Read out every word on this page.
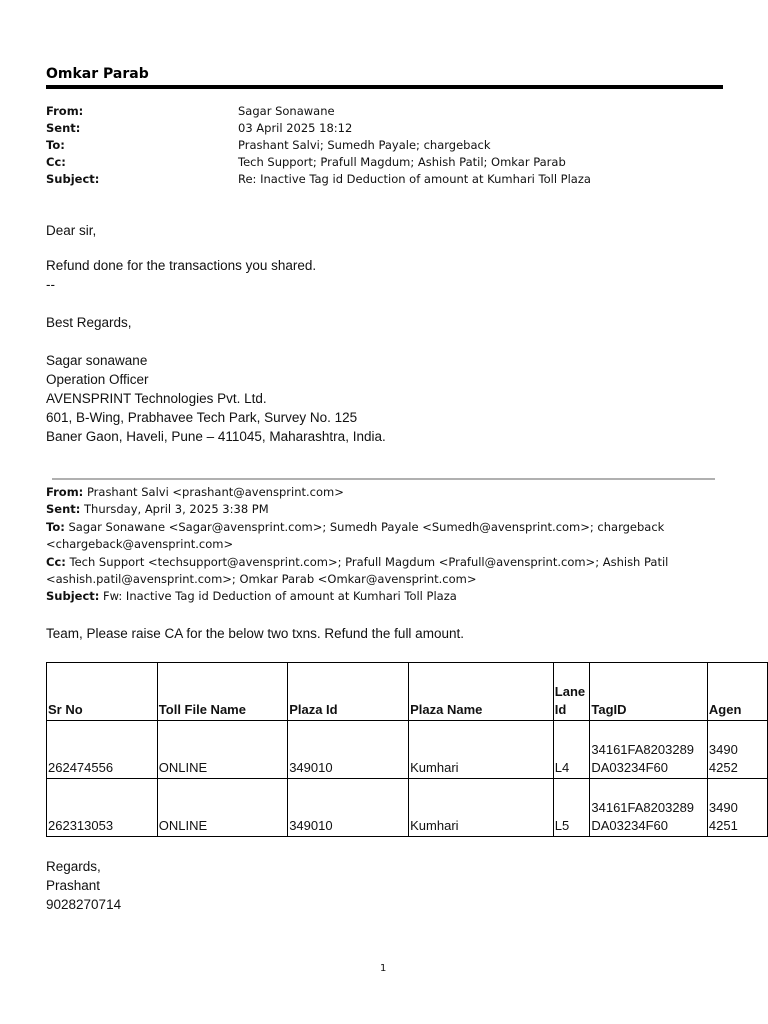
Omkar Parab
From:	Sagar Sonawane
Sent:	03 April 2025 18:12
To:	Prashant Salvi; Sumedh Payale; chargeback
Cc:	Tech Support; Prafull Magdum; Ashish Patil; Omkar Parab
Subject:	Re: Inactive Tag id Deduction of amount at Kumhari Toll Plaza
Dear sir,
Refund done for the transactions you shared.
--
Best Regards,
Sagar sonawane
Operation Officer
AVENSPRINT Technologies Pvt. Ltd.
601, B-Wing, Prabhavee Tech Park, Survey No. 125
Baner Gaon, Haveli, Pune – 411045, Maharashtra, India.
From: Prashant Salvi <prashant@avensprint.com>
Sent: Thursday, April 3, 2025 3:38 PM
To: Sagar Sonawane <Sagar@avensprint.com>; Sumedh Payale <Sumedh@avensprint.com>; chargeback
<chargeback@avensprint.com>
Cc: Tech Support <techsupport@avensprint.com>; Prafull Magdum <Prafull@avensprint.com>; Ashish Patil
<ashish.patil@avensprint.com>; Omkar Parab <Omkar@avensprint.com>
Subject: Fw: Inactive Tag id Deduction of amount at Kumhari Toll Plaza
Team, Please raise CA for the below two txns. Refund the full amount.
Sr No	Toll File Name	Plaza Id	Plaza Name	Lane Id	TagID	Agen
262474556	ONLINE	349010	Kumhari	L4	34161FA8203289 DA03234F60	3490 4252
262313053	ONLINE	349010	Kumhari	L5	34161FA8203289 DA03234F60	3490 4251
Regards,
Prashant
9028270714
1
